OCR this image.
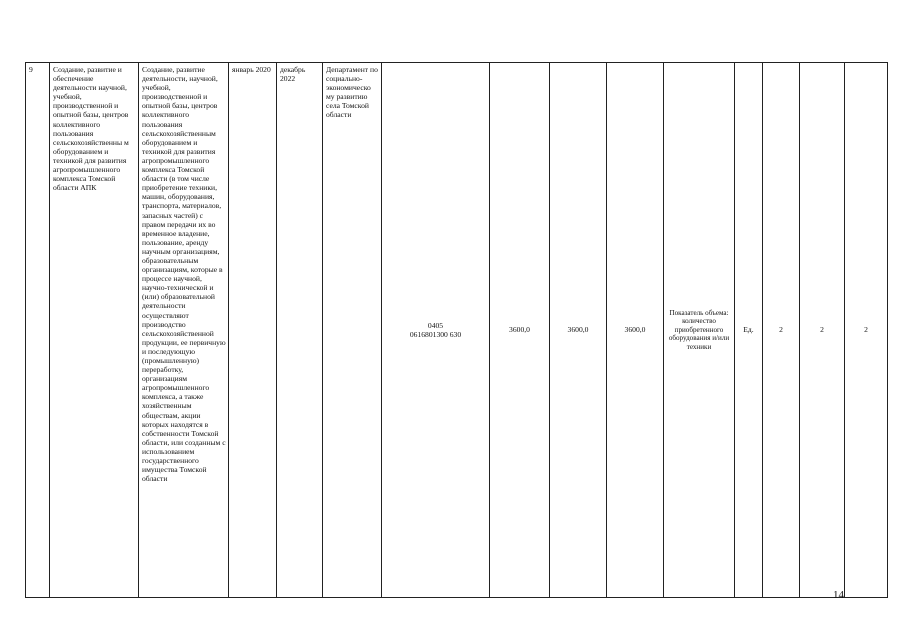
9	Создание, развитие и обеспечение деятельности научной, учебной, производственной и опытной базы, центров коллективного пользования сельскохозяйственны м оборудованием и техникой для развития агропромышленного комплекса Томской области АПК	Создание, развитие деятельности, научной, учебной, производственной и опытной базы, центров коллективного пользования сельскохозяйственным оборудованием и техникой для развития агропромышленного комплекса Томской области (в том числе приобретение техники, машин, оборудования, транспорта, материалов, запасных частей) с правом передачи их во временное владение, пользование, аренду научным организациям, образовательным организациям, которые в процессе научной, научно-технической и (или) образовательной деятельности осуществляют производство сельскохозяйственной продукции, ее первичную и последующую (промышленную) переработку, организациям агропромышленного комплекса, а также хозяйственным обществам, акции которых находятся в собственности Томской области, или созданным с использованием государственного имущества Томской области	январь 2020	декабрь 2022	Департамент по социально-экономическо му развитию села Томской области	0405 0616801300 630	3600,0	3600,0	3600,0	Показатель объема: количество приобретенного оборудования и/или техники	Ед.	2	2	2
14
